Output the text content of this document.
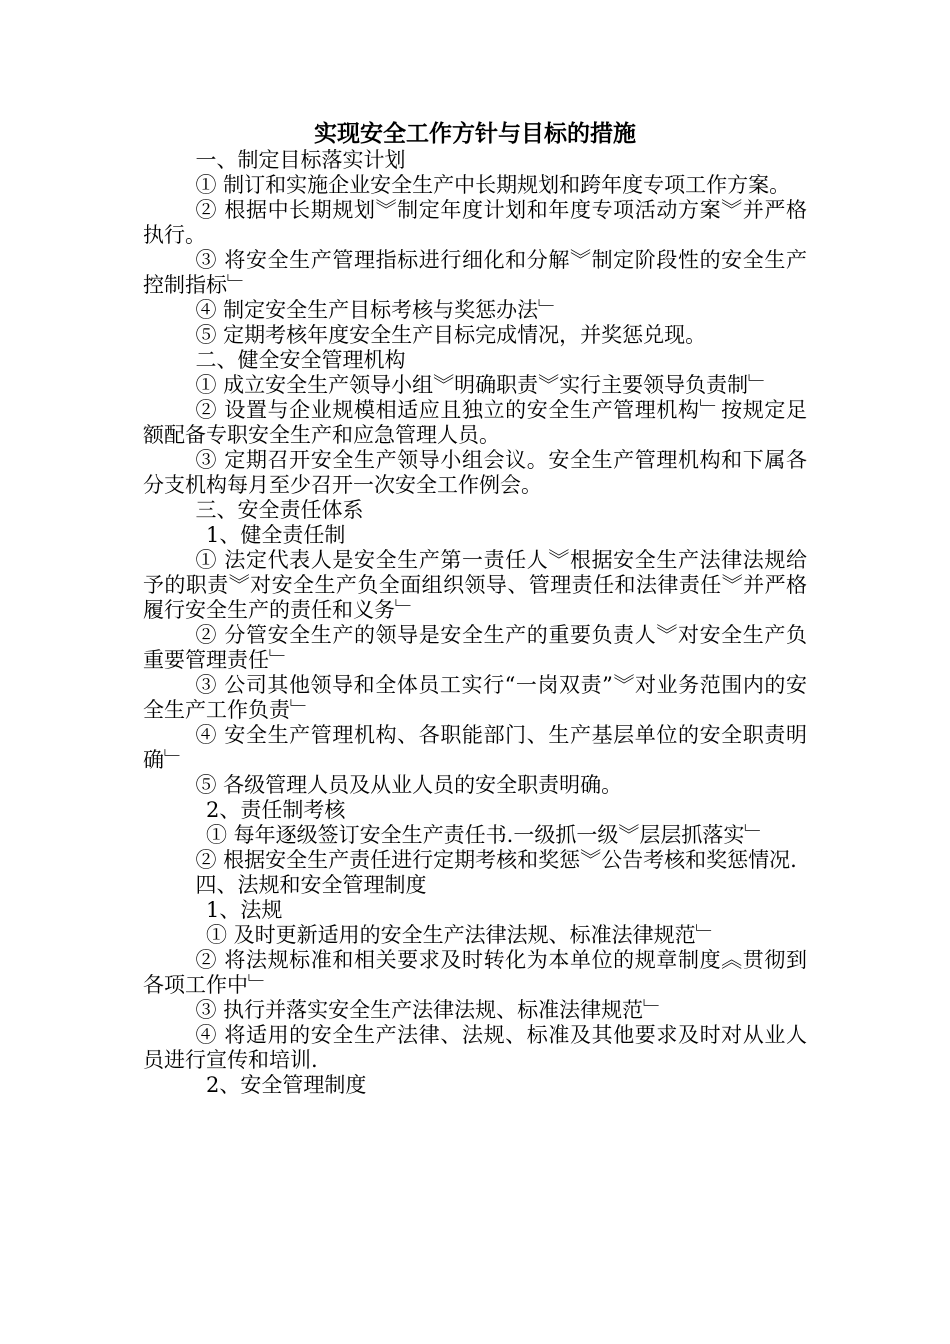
实现安全工作方针与目标的措施

一、制定目标落实计划

① 制订和实施企业安全生产中长期规划和跨年度专项工作方案。

② 根据中长期规划︾制定年度计划和年度专项活动方案︾并严格执行。

③ 将安全生产管理指标进行细化和分解︾制定阶段性的安全生产控制指标﹂

④ 制定安全生产目标考核与奖惩办法﹂

⑤ 定期考核年度安全生产目标完成情况，并奖惩兑现。

二、健全安全管理机构

① 成立安全生产领导小组︾明确职责︾实行主要领导负责制﹂

② 设置与企业规模相适应且独立的安全生产管理机构﹂按规定足额配备专职安全生产和应急管理人员。

③ 定期召开安全生产领导小组会议。安全生产管理机构和下属各分支机构每月至少召开一次安全工作例会。

三、安全责任体系

1、健全责任制

① 法定代表人是安全生产第一责任人︾根据安全生产法律法规给予的职责︾对安全生产负全面组织领导、管理责任和法律责任︾并严格履行安全生产的责任和义务﹂

② 分管安全生产的领导是安全生产的重要负责人︾对安全生产负重要管理责任﹂

③ 公司其他领导和全体员工实行“一岗双责”︾对业务范围内的安全生产工作负责﹂

④ 安全生产管理机构、各职能部门、生产基层单位的安全职责明确﹂

⑤ 各级管理人员及从业人员的安全职责明确。

2、责任制考核

① 每年逐级签订安全生产责任书.一级抓一级︾层层抓落实﹂

② 根据安全生产责任进行定期考核和奖惩︾公告考核和奖惩情况.

四、法规和安全管理制度

1、法规

① 及时更新适用的安全生产法律法规、标准法律规范﹂

② 将法规标准和相关要求及时转化为本单位的规章制度︽贯彻到各项工作中﹂

③ 执行并落实安全生产法律法规、标准法律规范﹂

④ 将适用的安全生产法律、法规、标准及其他要求及时对从业人员进行宣传和培训.

2、安全管理制度
